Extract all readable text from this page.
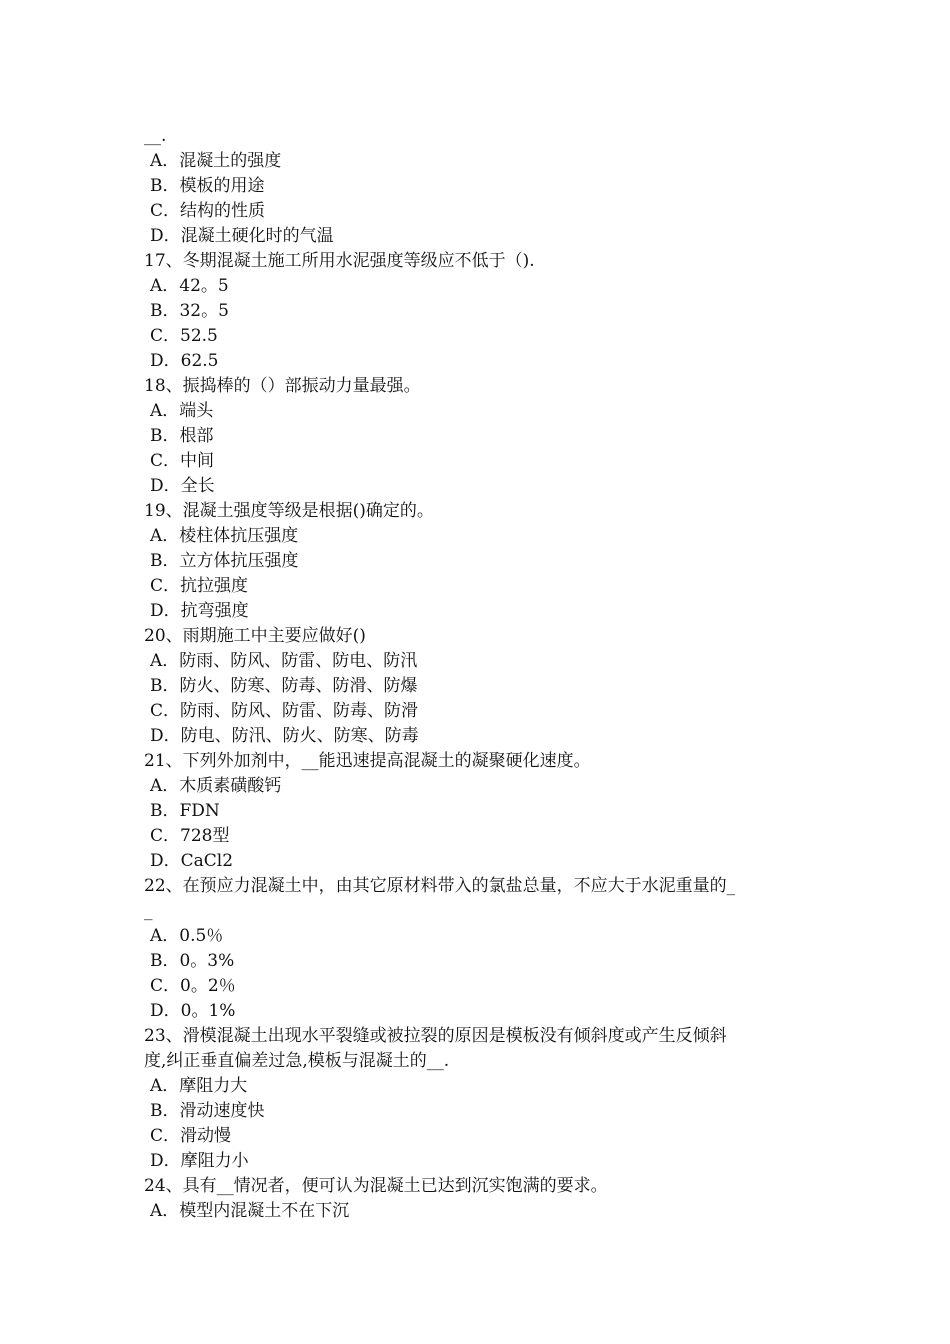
__.
A．混凝土的强度
B．模板的用途
C．结构的性质
D．混凝土硬化时的气温
17、冬期混凝土施工所用水泥强度等级应不低于（).
A．42。5
B．32。5
C．52.5
D．62.5
18、振捣棒的（）部振动力量最强。
A．端头
B．根部
C．中间
D．全长
19、混凝土强度等级是根据()确定的。
A．棱柱体抗压强度
B．立方体抗压强度
C．抗拉强度
D．抗弯强度
20、雨期施工中主要应做好()
A．防雨、防风、防雷、防电、防汛
B．防火、防寒、防毒、防滑、防爆
C．防雨、防风、防雷、防毒、防滑
D．防电、防汛、防火、防寒、防毒
21、下列外加剂中，__能迅速提高混凝土的凝聚硬化速度。
A．木质素磺酸钙
B．FDN
C．728型
D．CaCl2
22、在预应力混凝土中，由其它原材料带入的氯盐总量，不应大于水泥重量的_
_
A．0.5％
B．0。3%
C．0。2％
D．0。1%
23、滑模混凝土出现水平裂缝或被拉裂的原因是模板没有倾斜度或产生反倾斜
度,纠正垂直偏差过急,模板与混凝土的__.
A．摩阻力大
B．滑动速度快
C．滑动慢
D．摩阻力小
24、具有__情况者，便可认为混凝土已达到沉实饱满的要求。
A．模型内混凝土不在下沉
